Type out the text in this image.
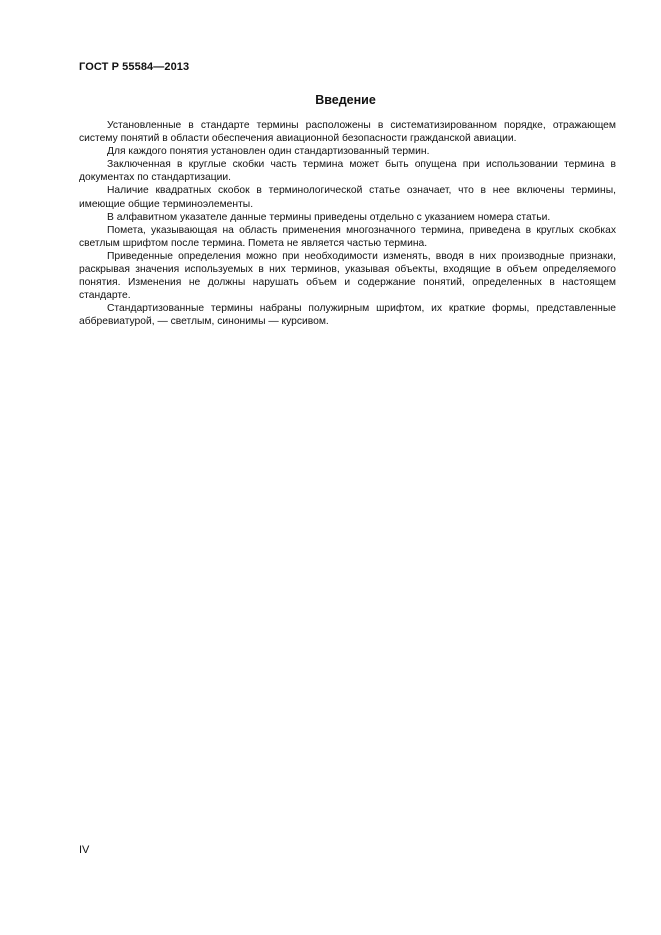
ГОСТ Р 55584—2013
Введение

Установленные в стандарте термины расположены в систематизированном порядке, отражающем систему понятий в области обеспечения авиационной безопасности гражданской авиации.

Для каждого понятия установлен один стандартизованный термин.

Заключенная в круглые скобки часть термина может быть опущена при использовании термина в документах по стандартизации.

Наличие квадратных скобок в терминологической статье означает, что в нее включены термины, имеющие общие терминоэлементы.

В алфавитном указателе данные термины приведены отдельно с указанием номера статьи.

Помета, указывающая на область применения многозначного термина, приведена в круглых скобках светлым шрифтом после термина. Помета не является частью термина.

Приведенные определения можно при необходимости изменять, вводя в них производные признаки, раскрывая значения используемых в них терминов, указывая объекты, входящие в объем определяемого понятия. Изменения не должны нарушать объем и содержание понятий, определенных в настоящем стандарте.

Стандартизованные термины набраны полужирным шрифтом, их краткие формы, представленные аббревиатурой, — светлым, синонимы — курсивом.

IV
